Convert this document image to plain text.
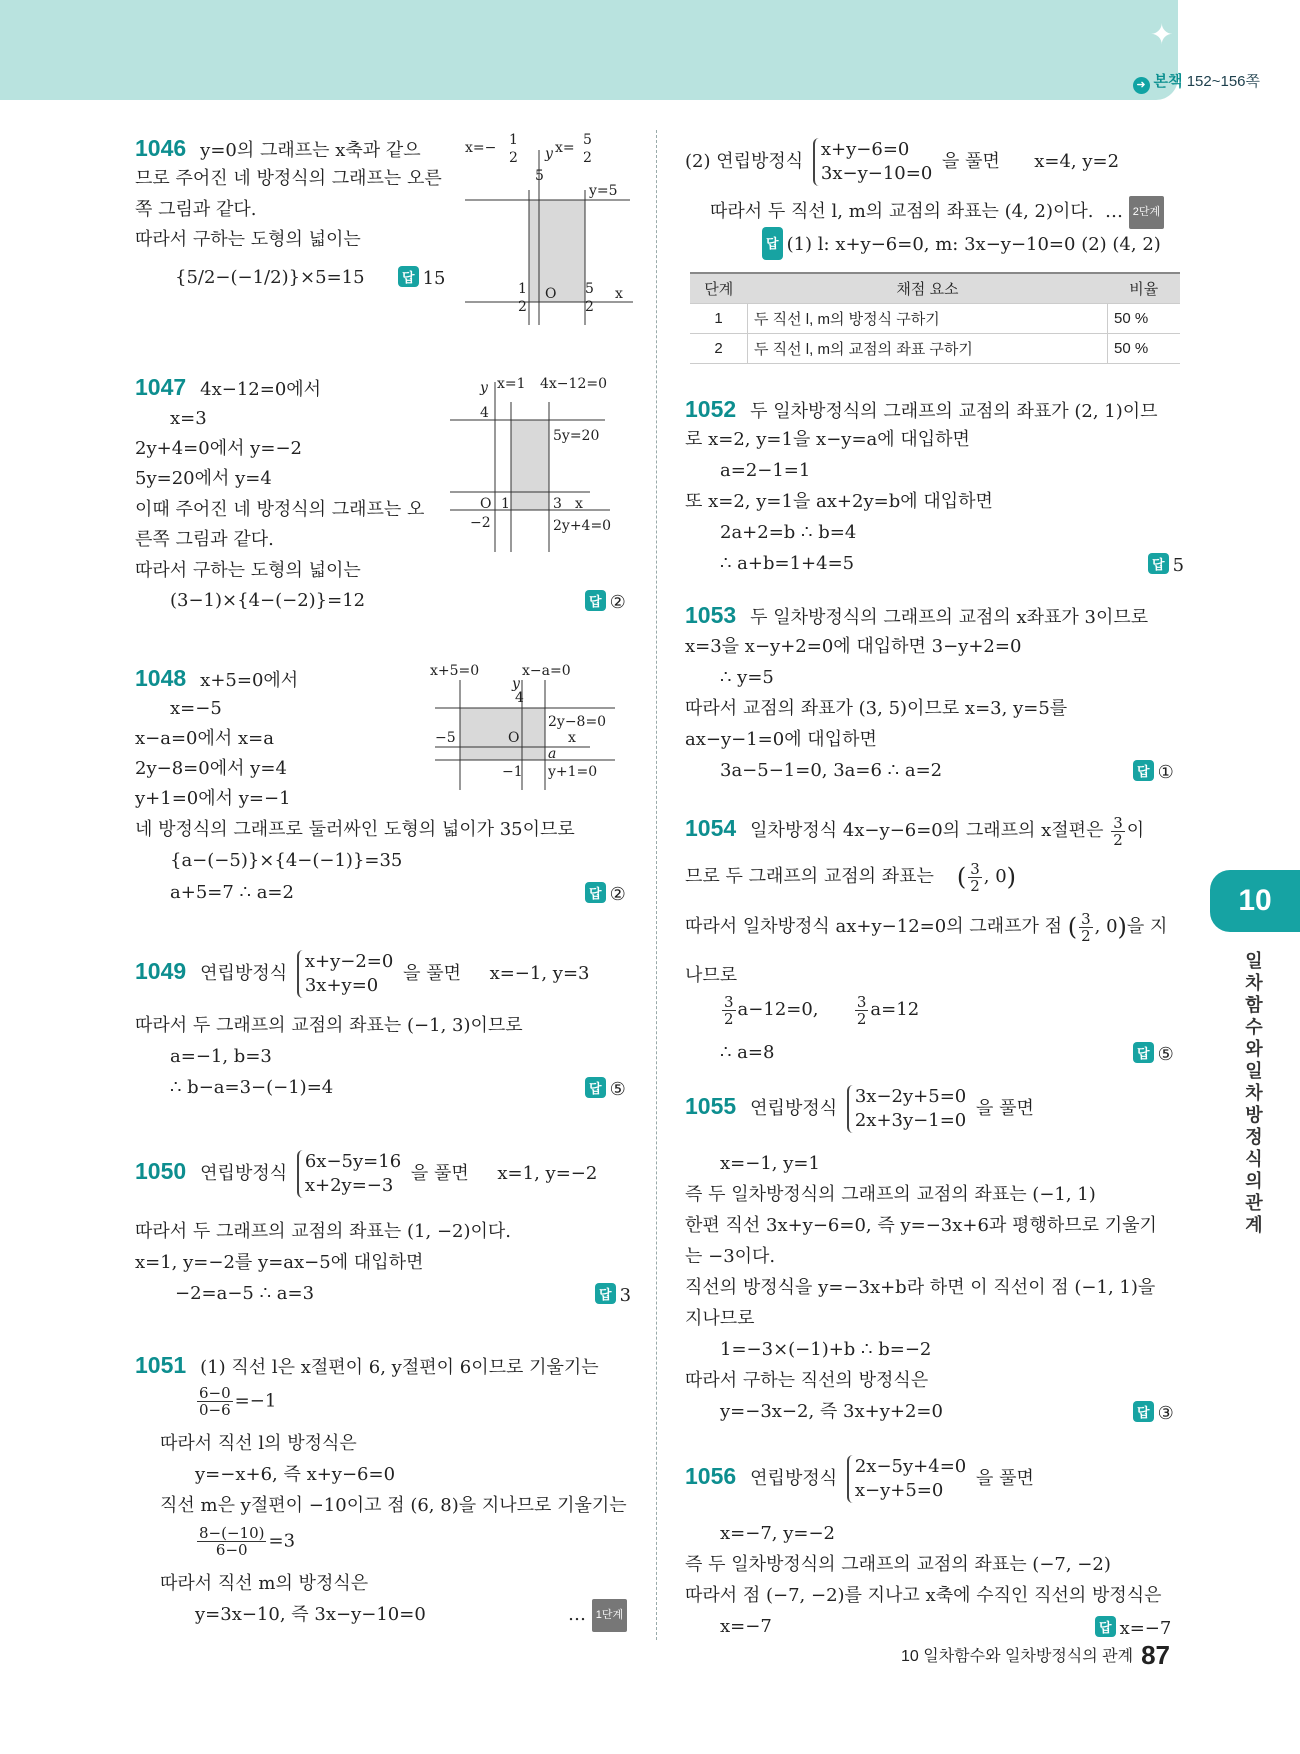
✦ ✦
➜ 본책 152~156쪽
1046 y=0의 그래프는 x축과 같으
므로 주어진 네 방정식의 그래프는 오른
쪽 그림과 같다.
따라서 구하는 도형의 넓이는
{5/2−(−1/2)}×5=15	답 15
x=− 1
2
x= 5
2
y
5
y=5
1
2
O 5
2
x
1047 4x−12=0에서
x=3
2y+4=0에서 y=−2
5y=20에서 y=4
이때 주어진 네 방정식의 그래프는 오
른쪽 그림과 같다.
따라서 구하는 도형의 넓이는
(3−1)×{4−(−2)}=12	답 ②
y x=1 4x−12=0
4
5y=20
O 1	3 x
−2	2y+4=0
1048 x+5=0에서
x=−5
x−a=0에서 x=a
2y−8=0에서 y=4
y+1=0에서 y=−1
네 방정식의 그래프로 둘러싸인 도형의 넓이가 35이므로
{a−(−5)}×{4−(−1)}=35
a+5=7 ∴ a=2	답 ②
x+5=0	x−a=0
y
4
2y−8=0
−5	O	x
a
−1 y+1=0
1049 연립방정식 x+y−2=0
3x+y=0 을 풀면 x=−1, y=3
따라서 두 그래프의 교점의 좌표는 (−1, 3)이므로
a=−1, b=3
∴ b−a=3−(−1)=4	답 ⑤
1050 연립방정식 6x−5y=16
x+2y=−3 을 풀면 x=1, y=−2
따라서 두 그래프의 교점의 좌표는 (1, −2)이다.
x=1, y=−2를 y=ax−5에 대입하면
−2=a−5 ∴ a=3	답 3
1051 (1) 직선 l은 x절편이 6, y절편이 6이므로 기울기는
$\frac{6-0}{0-6} =-1$
따라서 직선 l의 방정식은
y=−x+6, 즉 x+y−6=0
직선 m은 y절편이 −10이고 점 (6, 8)을 지나므로 기울기는
$\frac{8-(-10)}{6-0} =3$
따라서 직선 m의 방정식은
y=3x−10, 즉 3x−y−10=0	… 1단계
(2) 연립방정식 x+y−6=0
3x−y−10=0 을 풀면 x=4, y=2
따라서 두 직선 l, m의 교점의 좌표는 (4, 2)이다.  … 2단계
답 (1) l: x+y−6=0, m: 3x−y−10=0 (2) (4, 2)
단계	채점 요소	비율
1	두 직선 l, m의 방정식 구하기	50 %
2	두 직선 l, m의 교점의 좌표 구하기	50 %
1052 두 일차방정식의 그래프의 교점의 좌표가 (2, 1)이므
로 x=2, y=1을 x−y=a에 대입하면
a=2−1=1
또 x=2, y=1을 ax+2y=b에 대입하면
2a+2=b ∴ b=4
∴ a+b=1+4=5	답 5
1053 두 일차방정식의 그래프의 교점의 x좌표가 3이므로
x=3을 x−y+2=0에 대입하면 3−y+2=0
∴ y=5
따라서 교점의 좌표가 (3, 5)이므로 x=3, y=5를
ax−y−1=0에 대입하면
3a−5−1=0, 3a=6 ∴ a=2	답 ①
1054 일차방정식 4x−y−6=0의 그래프의 x절편은 $\frac{3}{2}$ 이
므로 두 그래프의 교점의 좌표는 ( $\frac{3}{2}$ , 0)
따라서 일차방정식 ax+y−12=0의 그래프가 점 ( $\frac{3}{2}$ , 0)을 지
나므로
$\frac{3}{2} a-12=0$, $\frac{3}{2} a=12$
∴ a=8	답 ⑤
1055 연립방정식 3x−2y+5=0
2x+3y−1=0 을 풀면
x=−1, y=1
즉 두 일차방정식의 그래프의 교점의 좌표는 (−1, 1)
한편 직선 3x+y−6=0, 즉 y=−3x+6과 평행하므로 기울기
는 −3이다.
직선의 방정식을 y=−3x+b라 하면 이 직선이 점 (−1, 1)을
지나므로
1=−3×(−1)+b ∴ b=−2
따라서 구하는 직선의 방정식은
y=−3x−2, 즉 3x+y+2=0	답 ③
1056 연립방정식 2x−5y+4=0
x−y+5=0 을 풀면
x=−7, y=−2
즉 두 일차방정식의 그래프의 교점의 좌표는 (−7, −2)
따라서 점 (−7, −2)를 지나고 x축에 수직인 직선의 방정식은
x=−7	답 x=−7
10
일차함수와 일차방정식의 관계
10 일차함수와 일차방정식의 관계 87
